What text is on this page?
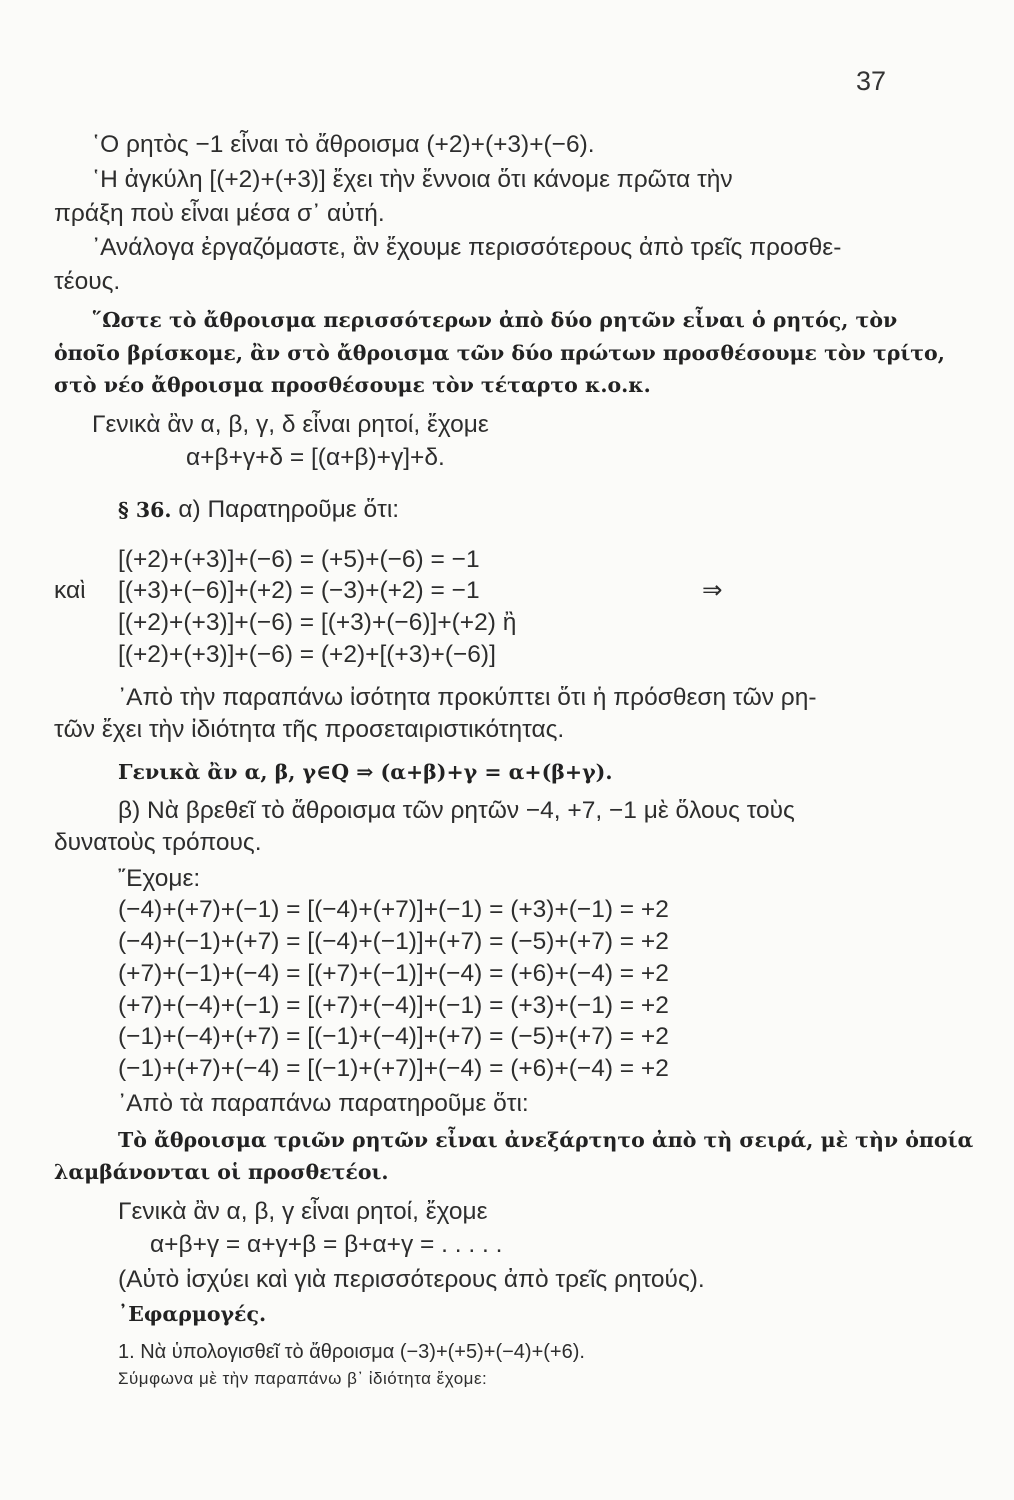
37
῾Ο ρητὸς −1 εἶναι τὸ ἄθροισμα (+2)+(+3)+(−6).
῾Η ἀγκύλη [(+2)+(+3)] ἔχει τὴν ἔννοια ὅτι κάνομε πρῶτα τὴν
πράξη ποὺ εἶναι μέσα σ᾽ αὐτή.
᾽Ανάλογα ἐργαζόμαστε, ἂν ἔχουμε περισσότερους ἀπὸ τρεῖς προσθε-
τέους.
῞Ωστε τὸ ἄθροισμα περισσότερων ἀπὸ δύο ρητῶν εἶναι ὁ ρητός, τὸν
ὁποῖο βρίσκομε, ἂν στὸ ἄθροισμα τῶν δύο πρώτων προσθέσουμε τὸν τρίτο,
στὸ νέο ἄθροισμα προσθέσουμε τὸν τέταρτο κ.ο.κ.
Γενικὰ ἂν α, β, γ, δ εἶναι ρητοί, ἔχομε
α+β+γ+δ = [(α+β)+γ]+δ.
§ 36. α) Παρατηροῦμε ὅτι:
[(+2)+(+3)]+(−6) = (+5)+(−6) = −1
καὶ [(+3)+(−6)]+(+2) = (−3)+(+2) = −1	⇒
[(+2)+(+3)]+(−6) = [(+3)+(−6)]+(+2) ἢ
[(+2)+(+3)]+(−6) = (+2)+[(+3)+(−6)]
᾽Απὸ τὴν παραπάνω ἰσότητα προκύπτει ὅτι ἡ πρόσθεση τῶν ρη-
τῶν ἔχει τὴν ἰδιότητα τῆς προσεταιριστικότητας.
Γενικὰ ἂν α, β, γ∈Q ⇒ (α+β)+γ = α+(β+γ).
β) Νὰ βρεθεῖ τὸ ἄθροισμα τῶν ρητῶν −4, +7, −1 μὲ ὅλους τοὺς
δυνατοὺς τρόπους.
῎Εχομε:
(−4)+(+7)+(−1) = [(−4)+(+7)]+(−1) = (+3)+(−1) = +2
(−4)+(−1)+(+7) = [(−4)+(−1)]+(+7) = (−5)+(+7) = +2
(+7)+(−1)+(−4) = [(+7)+(−1)]+(−4) = (+6)+(−4) = +2
(+7)+(−4)+(−1) = [(+7)+(−4)]+(−1) = (+3)+(−1) = +2
(−1)+(−4)+(+7) = [(−1)+(−4)]+(+7) = (−5)+(+7) = +2
(−1)+(+7)+(−4) = [(−1)+(+7)]+(−4) = (+6)+(−4) = +2
᾽Απὸ τὰ παραπάνω παρατηροῦμε ὅτι:
Τὸ ἄθροισμα τριῶν ρητῶν εἶναι ἀνεξάρτητο ἀπὸ τὴ σειρά, μὲ τὴν ὁποία
λαμβάνονται οἱ προσθετέοι.
Γενικὰ ἂν α, β, γ εἶναι ρητοί, ἔχομε
α+β+γ = α+γ+β = β+α+γ = . . . . .
(Αὐτὸ ἰσχύει καὶ γιὰ περισσότερους ἀπὸ τρεῖς ρητούς).
᾽Εφαρμογές.
1. Νὰ ὑπολογισθεῖ τὸ ἄθροισμα (−3)+(+5)+(−4)+(+6).
Σύμφωνα μὲ τὴν παραπάνω β᾽ ἰδιότητα ἔχομε:
